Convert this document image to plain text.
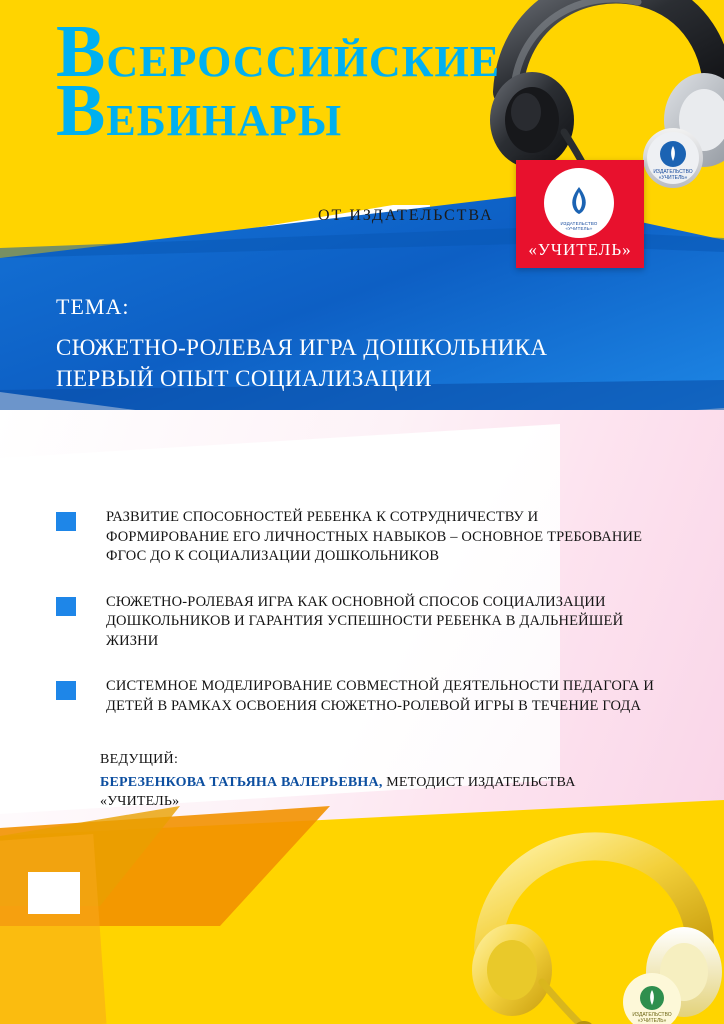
ИЗДАТЕЛЬСТВО
«УЧИТЕЛЬ»
ВСЕРОССИЙСКИЕ
ВЕБИНАРЫ
ОТ ИЗДАТЕЛЬСТВА	ИЗДАТЕЛЬСТВО
«УЧИТЕЛЬ»
«УЧИТЕЛЬ»
ТЕМА:
СЮЖЕТНО-РОЛЕВАЯ ИГРА ДОШКОЛЬНИКА
ПЕРВЫЙ ОПЫТ СОЦИАЛИЗАЦИИ
РАЗВИТИЕ СПОСОБНОСТЕЙ РЕБЕНКА К СОТРУДНИЧЕСТВУ И ФОРМИРОВАНИЕ ЕГО ЛИЧНОСТНЫХ НАВЫКОВ – ОСНОВНОЕ ТРЕБОВАНИЕ ФГОС ДО К СОЦИАЛИЗАЦИИ ДОШКОЛЬНИКОВ
СЮЖЕТНО-РОЛЕВАЯ ИГРА КАК ОСНОВНОЙ СПОСОБ СОЦИАЛИЗАЦИИ ДОШКОЛЬНИКОВ И ГАРАНТИЯ УСПЕШНОСТИ РЕБЕНКА В ДАЛЬНЕЙШЕЙ ЖИЗНИ
СИСТЕМНОЕ МОДЕЛИРОВАНИЕ СОВМЕСТНОЙ ДЕЯТЕЛЬНОСТИ ПЕДАГОГА И ДЕТЕЙ В РАМКАХ ОСВОЕНИЯ СЮЖЕТНО-РОЛЕВОЙ ИГРЫ В ТЕЧЕНИЕ ГОДА
ВЕДУЩИЙ:
БЕРЕЗЕНКОВА ТАТЬЯНА ВАЛЕРЬЕВНА, МЕТОДИСТ ИЗДАТЕЛЬСТВА
«УЧИТЕЛЬ»
ИЗДАТЕЛЬСТВО
«УЧИТЕЛЬ»
